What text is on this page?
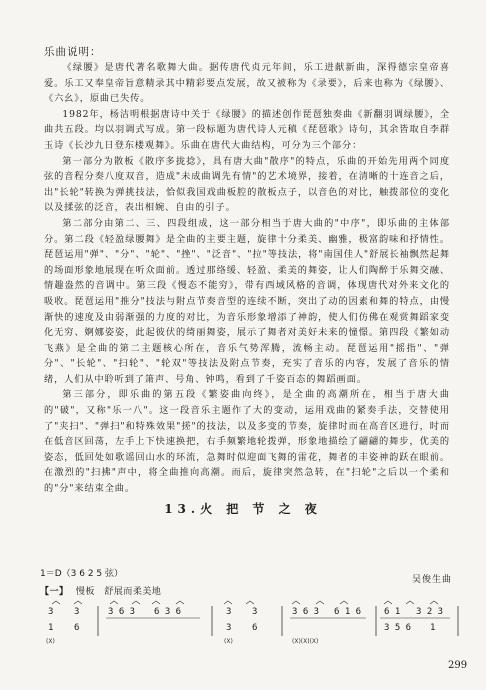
乐曲说明：

《绿腰》是唐代著名歌舞大曲。据传唐代贞元年间，乐工进献新曲，深得德宗皇帝喜爱。乐工又奉皇帝旨意精录其中精彩要点发展，故又被称为《录要》，后来也称为《绿腰》、《六幺》，原曲已失传。

1982年，杨洁明根据唐诗中关于《绿腰》的描述创作琵琶独奏曲《新翻羽调绿腰》，全曲共五段。均以羽调式写成。第一段标题为唐代诗人元稹《琵琶歌》诗句，其余皆取自李群玉诗《长沙九日登东楼观舞》。乐曲在唐代大曲结构，可分为三个部分：

第一部分为散板《散序多拢捻》，具有唐大曲"散序"的特点，乐曲的开始先用两个同度弦的音程分奏八度双音，造成"未成曲调先有情"的艺术境界，接着，在清晰的十连音之后，出"长轮"转换为弹挑技法，恰似我国戏曲板腔的散板点子，以音色的对比，触拨部位的变化以及揉弦的泛音，表出相婉、自由的引子。

第二部分由第二、三、四段组成，这一部分相当于唐大曲的"中序"，即乐曲的主体部分。第二段《轻盈绿腰舞》是全曲的主要主题，旋律十分柔美、幽雅，极富韵味和抒情性。琵琶运用"弹"、"分"、"轮"、"挫"、"泛音"、"拉"等技法，将"南国佳人"舒展长袖飘然起舞的场面形象地展现在听众面前。透过那络缓、轻盈、柔美的舞姿，让人们陶醉于乐舞交融、情趣盎然的音调中。第三段《慢态不能穷》，带有西域风格的音调，体现唐代对外来文化的吸收。琵琶运用"推分"技法与附点节奏音型的连续不断，突出了动的因素和舞的特点，由慢渐快的速度及由弱渐强的力度的对比，为音乐形象增添了神韵，使人们仿佛在观赏舞蹈家变化无穷、婀娜姿姿，此起彼伏的绮丽舞姿，展示了舞者对美好未来的憧憬。第四段《繁如动飞燕》是全曲的第二主题核心所在，音乐气势浑腾，流畅主动。琵琶运用"摇指"、"弹分"、"长轮"、"扫轮"、"轮双"等技法及附点节奏，充实了音乐的内容，发展了音乐的情绪，人们从中聆听到了箫声、号角、钟鸣，看到了千姿百态的舞蹈画面。

第三部分，即乐曲的第五段《繁姿曲向终》，是全曲的高潮所在，相当于唐大曲的"破"，又称"乐一八"。这一段音乐主题作了大的变动，运用戏曲的紧奏手法，交替使用了"夹扫"、"弹扫"和特殊效果"搓"的技法，以及多变的节奏，旋律时而在高音区进行，时而在低音区回荡，左手上下快速换把，右手频繁地轮拨弹，形象地描绘了翩翩的舞步，优美的姿态，低回处如歌谣回山水的环流，急舞时似迎面飞舞的雷花，舞者的丰姿神韵跃在眼前。在激烈的"扫拂"声中，将全曲推向高潮。而后，旋律突然急转，在"扫轮"之后以一个柔和的"分"来结束全曲。

13.火 把 节 之 夜
1＝D（3 6 2 5 弦）
吴俊生曲
【一】 慢板　舒展而柔美地
3 3	3 6 3 6 3 6	3 3	3 6 3 6 1 6	6 1 3 2 3
1 6	3 6	3 5 6 1
(X)	(X)	(X)(X)(X)
299
